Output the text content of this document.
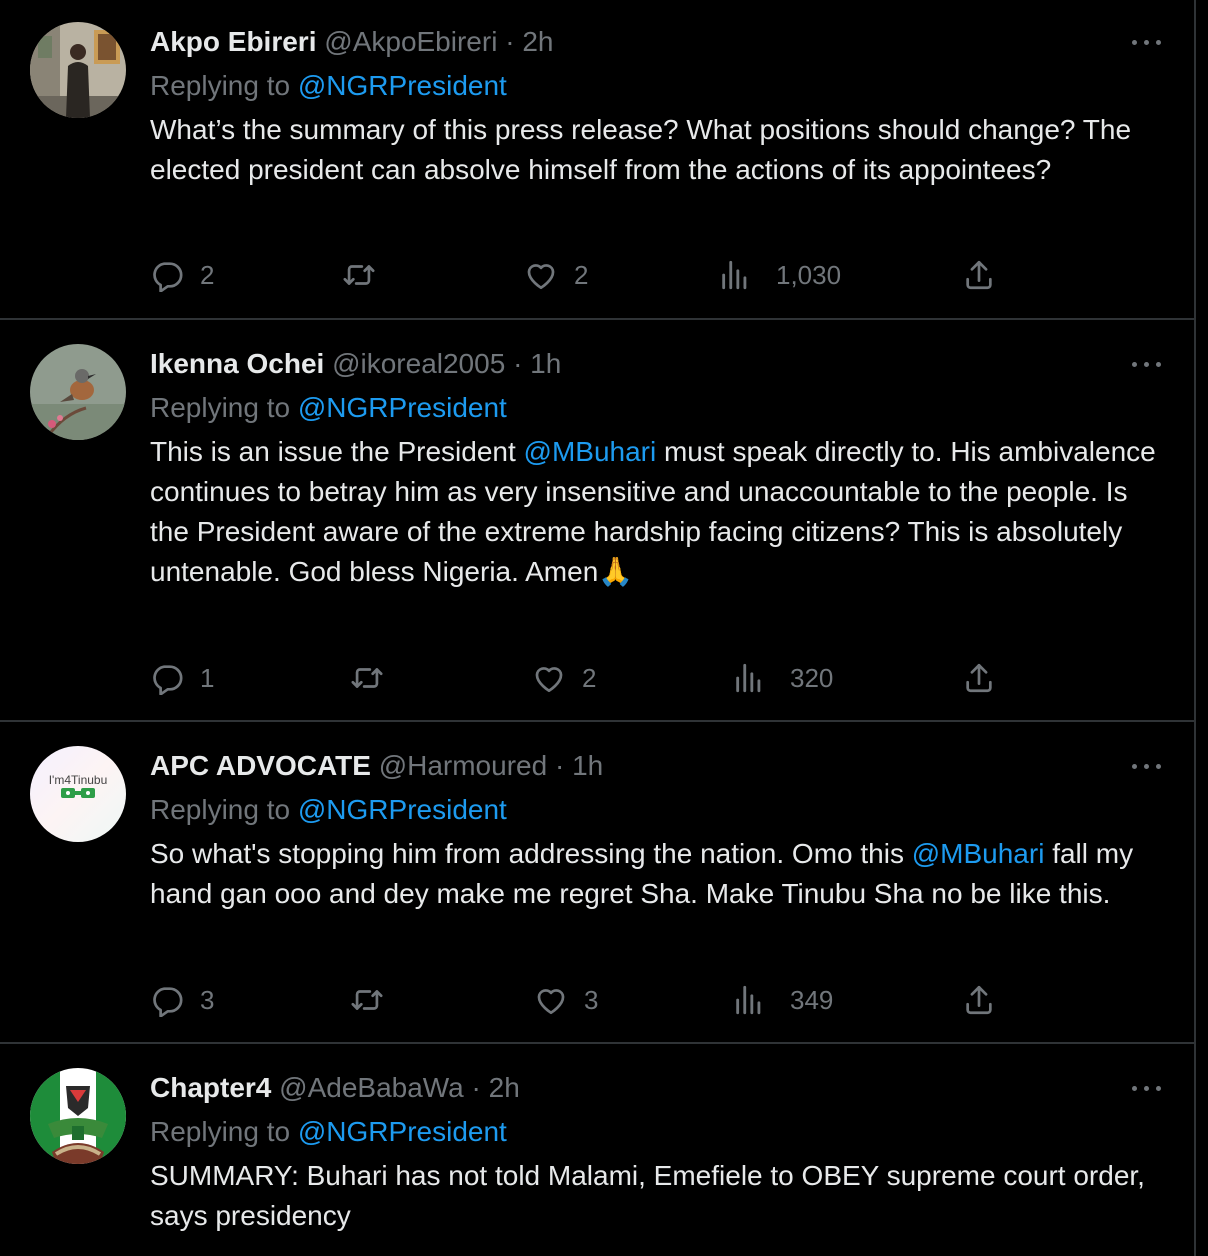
Akpo Ebireri @AkpoEbireri · 2h
Replying to @NGRPresident
What’s the summary of this press release? What positions should change? The elected president can absolve himself from the actions of its appointees?
2	2	1,030
Ikenna Ochei @ikoreal2005 · 1h
Replying to @NGRPresident
This is an issue the President @MBuhari must speak directly to. His ambivalence continues to betray him as very insensitive and unaccountable to the people. Is the President aware of the extreme hardship facing citizens? This is absolutely untenable. God bless Nigeria. Amen🙏
1	2	320
I'm4Tinubu APC ADVOCATE @Harmoured · 1h
Replying to @NGRPresident
So what's stopping him from addressing the nation. Omo this @MBuhari fall my hand gan ooo and dey make me regret Sha. Make Tinubu Sha no be like this.
3	3	349
Chapter4 @AdeBabaWa · 2h
Replying to @NGRPresident
SUMMARY: Buhari has not told Malami, Emefiele to OBEY supreme court order, says presidency
